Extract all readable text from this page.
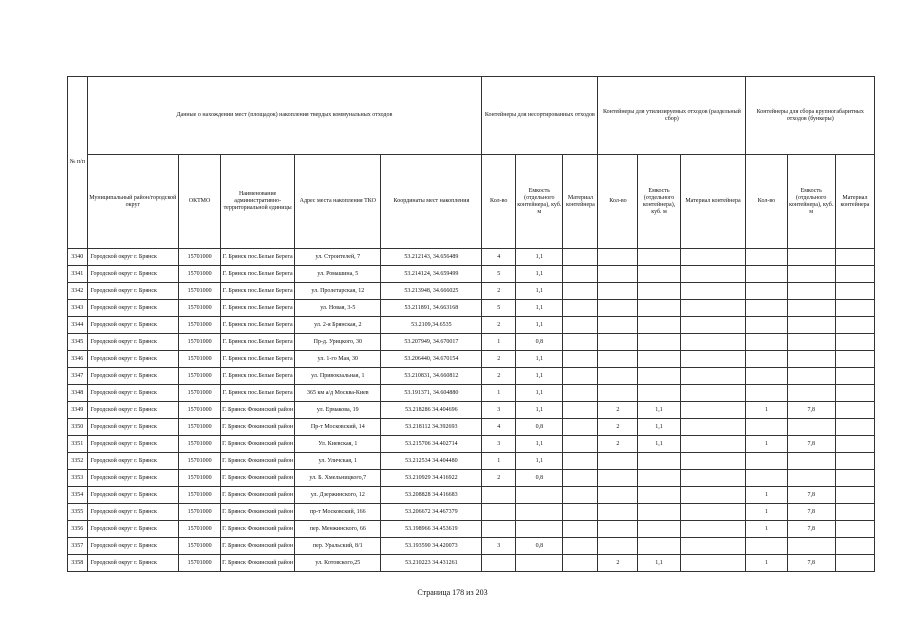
№ п/п	Данные о нахождении мест (площадок) накопления твердых коммунальных отходов					Контейнеры для несортированных отходов			Контейнеры для утилизируемых отходов (раздельный сбор)			Контейнеры для сбора крупногабаритных отходов (бункеры)		
	Муниципальный район/городской округ	ОКТМО	Наименование административно-территориальной единицы	Адрес места накопления ТКО	Координаты мест накопления	Кол-во	Емкость (отдельного контейнера), куб. м	Материал контейнера	Кол-во	Емкость (отдельного контейнера), куб. м	Материал контейнера	Кол-во	Емкость (отдельного контейнера), куб. м	Материал контейнера
3340	Городской округ г. Брянск	15701000	Г. Брянск пос.Белые Берега	ул. Строителей, 7	53.212143, 34.656489	4	1,1							
3341	Городской округ г. Брянск	15701000	Г. Брянск пос.Белые Берега	ул. Ромашина, 5	53.214124, 34.659499	5	1,1							
3342	Городской округ г. Брянск	15701000	Г. Брянск пос.Белые Берега	ул. Пролетарская, 12	53.213948, 34.666025	2	1,1							
3343	Городской округ г. Брянск	15701000	Г. Брянск пос.Белые Берега	ул. Новая, 3-5	53.211891, 34.663168	5	1,1							
3344	Городской округ г. Брянск	15701000	Г. Брянск пос.Белые Берега	ул. 2-я Брянская, 2	53.2109,34.6535	2	1,1							
3345	Городской округ г. Брянск	15701000	Г. Брянск пос.Белые Берега	Пр-д. Урицкого, 30	53.207949, 34.670017	1	0,8							
3346	Городской округ г. Брянск	15701000	Г. Брянск пос.Белые Берега	ул. 1-го Мая, 30	53.206440, 34.670154	2	1,1							
3347	Городской округ г. Брянск	15701000	Г. Брянск пос.Белые Берега	ул. Привокзальная, 1	53.210831, 34.660812	2	1,1							
3348	Городской округ г. Брянск	15701000	Г. Брянск пос.Белые Берега	365 км а/д Москва-Киев	53.191371, 34.604880	1	1,1							
3349	Городской округ г. Брянск	15701000	Г. Брянск Фокинский район	ул. Ермакова, 19	53.218286 34.404696	3	1,1		2	1,1		1	7,8	
3350	Городской округ г. Брянск	15701000	Г. Брянск Фокинский район	Пр-т Московский, 14	53.218112 34.392693	4	0,8		2	1,1				
3351	Городской округ г. Брянск	15701000	Г. Брянск Фокинский район	Ул. Киевская, 1	53.215706 34.402714	3	1,1		2	1,1		1	7,8	
3352	Городской округ г. Брянск	15701000	Г. Брянск Фокинский район	ул. Уличская, 1	53.212534 34.404480	1	1,1							
3353	Городской округ г. Брянск	15701000	Г. Брянск Фокинский район	ул. Б. Хмельницкого,7	53.210929 34.416922	2	0,8							
3354	Городской округ г. Брянск	15701000	Г. Брянск Фокинский район	ул. Дзержинского, 12	53.208828 34.416683							1	7,8	
3355	Городской округ г. Брянск	15701000	Г. Брянск Фокинский район	пр-т Московский, 166	53.206672 34.467379							1	7,8	
3356	Городской округ г. Брянск	15701000	Г. Брянск Фокинский район	пер. Менжинского, 66	53.198966 34.453619							1	7,8	
3357	Городской округ г. Брянск	15701000	Г. Брянск Фокинский район	пер. Уральский, 8/1	53.193590 34.420073	3	0,8							
3358	Городской округ г. Брянск	15701000	Г. Брянск Фокинский район	ул. Котовского,25	53.210223 34.431261				2	1,1		1	7,8	
Страница 178 из 203
